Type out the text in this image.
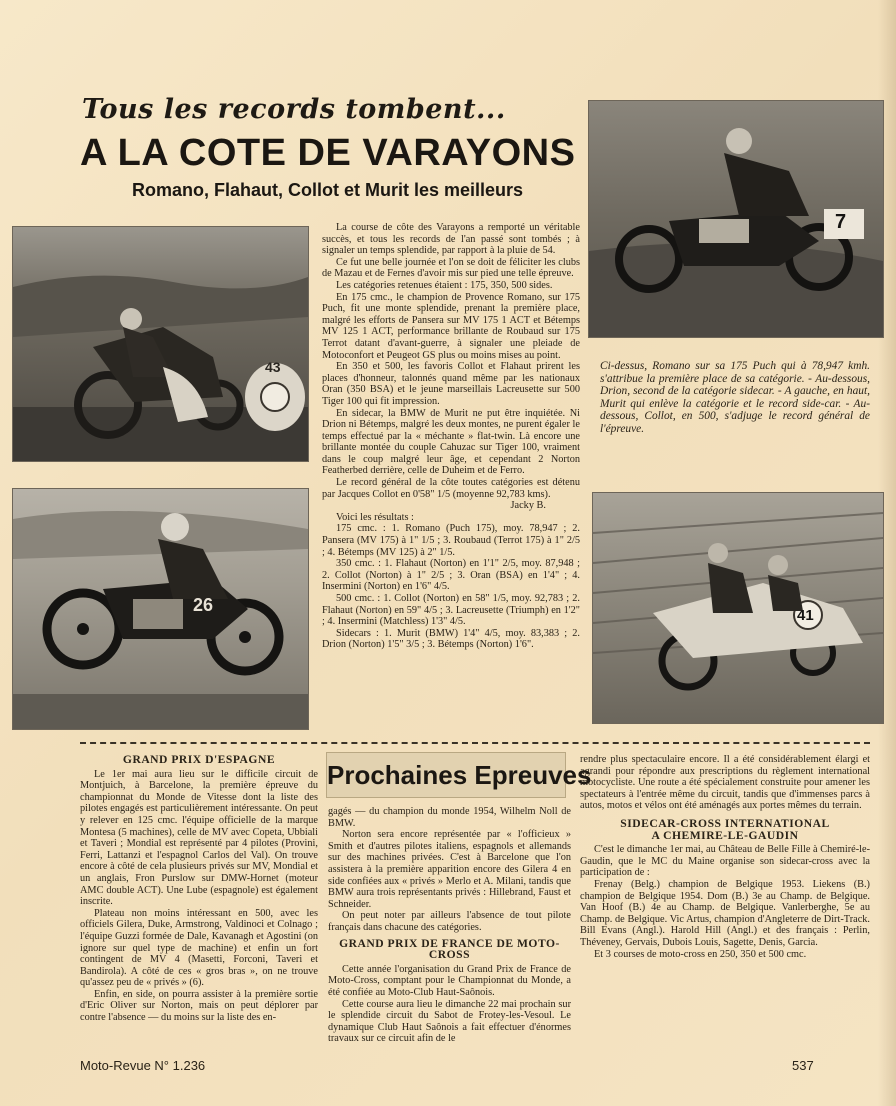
Tous les records tombent...
A LA COTE DE VARAYONS
Romano, Flahaut, Collot et Murit les meilleurs
43
26
7
41

La course de côte des Varayons a remporté un véritable succès, et tous les records de l'an passé sont tombés ; à signaler un temps splendide, par rapport à la pluie de 54.

Ce fut une belle journée et l'on se doit de féliciter les clubs de Mazau et de Fernes d'avoir mis sur pied une telle épreuve.

Les catégories retenues étaient : 175, 350, 500 sides.

En 175 cmc., le champion de Provence Romano, sur 175 Puch, fit une monte splendide, prenant la première place, malgré les efforts de Pansera sur MV 175 1 ACT et Bétemps MV 125 1 ACT, performance brillante de Roubaud sur 175 Terrot datant d'avant-guerre, à signaler une pleiade de Motoconfort et Peugeot GS plus ou moins mises au point.

En 350 et 500, les favoris Collot et Flahaut prirent les places d'honneur, talonnés quand même par les nationaux Oran (350 BSA) et le jeune marseillais Lacreusette sur 500 Tiger 100 qui fit impression.

En sidecar, la BMW de Murit ne put être inquiétée. Ni Drion ni Bétemps, malgré les deux montes, ne purent égaler le temps effectué par la « méchante » flat-twin. Là encore une brillante montée du couple Cahuzac sur Tiger 100, vraiment dans le coup malgré leur âge, et cependant 2 Norton Featherbed derrière, celle de Duheim et de Ferro.

Le record général de la côte toutes catégories est détenu par Jacques Collot en 0'58" 1/5 (moyenne 92,783 kms).

Jacky B.

Voici les résultats :

175 cmc. : 1. Romano (Puch 175), moy. 78,947 ; 2. Pansera (MV 175) à 1" 1/5 ; 3. Roubaud (Terrot 175) à 1" 2/5 ; 4. Bétemps (MV 125) à 2" 1/5.

350 cmc. : 1. Flahaut (Norton) en 1'1" 2/5, moy. 87,948 ; 2. Collot (Norton) à 1" 2/5 ; 3. Oran (BSA) en 1'4" ; 4. Insermini (Norton) en 1'6" 4/5.

500 cmc. : 1. Collot (Norton) en 58" 1/5, moy. 92,783 ; 2. Flahaut (Norton) en 59" 4/5 ; 3. Lacreusette (Triumph) en 1'2" ; 4. Insermini (Matchless) 1'3" 4/5.

Sidecars : 1. Murit (BMW) 1'4" 4/5, moy. 83,383 ; 2. Drion (Norton) 1'5" 3/5 ; 3. Bétemps (Norton) 1'6".

Ci-dessus, Romano sur sa 175 Puch qui à 78,947 kmh. s'attribue la première place de sa catégorie. - Au-dessous, Drion, second de la catégorie sidecar. - A gauche, en haut, Murit qui enlève la catégorie et le record side-car. - Au-dessous, Collot, en 500, s'adjuge le record général de l'épreuve.
GRAND PRIX D'ESPAGNE

Le 1er mai aura lieu sur le difficile circuit de Montjuich, à Barcelone, la première épreuve du championnat du Monde de Vitesse dont la liste des pilotes engagés est particulièrement intéressante. On peut y relever en 125 cmc. l'équipe officielle de la marque Montesa (5 machines), celle de MV avec Copeta, Ubbiali et Taveri ; Mondial est représenté par 4 pilotes (Provini, Ferri, Lattanzi et l'espagnol Carlos del Val). On trouve encore à côté de cela plusieurs privés sur MV, Mondial et un anglais, Fron Purslow sur DMW-Hornet (moteur AMC double ACT). Une Lube (espagnole) est également inscrite.

Plateau non moins intéressant en 500, avec les officiels Gilera, Duke, Armstrong, Valdinoci et Colnago ; l'équipe Guzzi formée de Dale, Kavanagh et Agostini (on ignore sur quel type de machine) et enfin un fort contingent de MV 4 (Masetti, Forconi, Taveri et Bandirola). A côté de ces « gros bras », on ne trouve qu'assez peu de « privés » (6).

Enfin, en side, on pourra assister à la première sortie d'Eric Oliver sur Norton, mais on peut déplorer par contre l'absence — du moins sur la liste des en-

Prochaines Epreuves

gagés — du champion du monde 1954, Wilhelm Noll de BMW.

Norton sera encore représentée par « l'officieux » Smith et d'autres pilotes italiens, espagnols et allemands sur des machines privées. C'est à Barcelone que l'on assistera à la première apparition encore des Gilera 4 en side confiées aux « privés » Merlo et A. Milani, tandis que BMW aura trois représentants privés : Hillebrand, Faust et Schneider.

On peut noter par ailleurs l'absence de tout pilote français dans chacune des catégories.

GRAND PRIX DE FRANCE DE MOTO-CROSS

Cette année l'organisation du Grand Prix de France de Moto-Cross, comptant pour le Championnat du Monde, a été confiée au Moto-Club Haut-Saônois.

Cette course aura lieu le dimanche 22 mai prochain sur le splendide circuit du Sabot de Frotey-les-Vesoul. Le dynamique Club Haut Saônois a fait effectuer d'énormes travaux sur ce circuit afin de le

rendre plus spectaculaire encore. Il a été considérablement élargi et agrandi pour répondre aux prescriptions du règlement international motocycliste. Une route a été spécialement construite pour amener les spectateurs à l'entrée même du circuit, tandis que d'immenses parcs à autos, motos et vélos ont été aménagés aux portes mêmes du terrain.

SIDECAR-CROSS INTERNATIONAL A CHEMIRE-LE-GAUDIN

C'est le dimanche 1er mai, au Château de Belle Fille à Chemiré-le-Gaudin, que le MC du Maine organise son sidecar-cross avec la participation de :

Frenay (Belg.) champion de Belgique 1953. Liekens (B.) champion de Belgique 1954. Dom (B.) 3e au Champ. de Belgique. Van Hoof (B.) 4e au Champ. de Belgique. Vanlerberghe, 5e au Champ. de Belgique. Vic Artus, champion d'Angleterre de Dirt-Track. Bill Evans (Angl.). Harold Hill (Angl.) et des français : Perlin, Théveney, Gervais, Dubois Louis, Sagette, Denis, Garcia.

Et 3 courses de moto-cross en 250, 350 et 500 cmc.

Moto-Revue N° 1.236	537
